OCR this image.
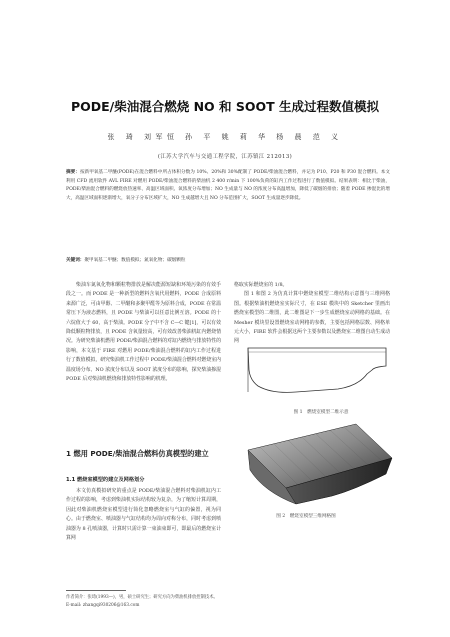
PODE/柴油混合燃烧 NO 和 SOOT 生成过程数值模拟
张 琦 刘军恒 孙 平 姚 莉 华 杨 晨 范 义
(江苏大学汽车与交通工程学院，江苏镇江 212013)
摘要：按新甲氧基二甲醚(PODE)在混合燃料中所占体积分数为 10%、20%和 30%配制了 PODE/柴油混合燃料，并记为 P10、P20 和 P30 混合燃料。本文利用 CFD 流用软件 AVL FIRE 对燃用 PODE/柴油混合燃料的柴油机 2 400 r/min 下 100%负荷的缸内工作过程进行了数值模拟。结果表明：相比于柴油，PODE/柴油混合燃料的燃烧放热速率、高温区域面积、氧浓度分布增加；NO 生成量与 NO 的浓度分布高温增加，降低了碳烟的排放；随着 PODE 掺混比的增大，高温区域面积逐渐增大，氧分子分布区域扩大，NO 生成越增大且 NO 分布范围扩大，SOOT 生成量逐步降低。
关键词：聚甲氧基二甲醚；数值模拟；氮氧化物；碳烟颗粒

柴油车氮氧化物和颗粒物排放是解决能源短缺和环境污染的有效手段之一。而 PODE 是一种新型的燃料含氧代用燃料，PODE 合成原料来源广泛，可由甲醇、二甲醚和多聚甲醛等为原料合成，PODE 在常温常压下为液态燃料，且 PODE 与柴油可以任意比例互溶。PODE 的十六烷值大于 60，高于柴油。PODE 分子中不含 C—C 键[1]，可以有效降低颗粒物排放，且 PODE 含氧量较高，可有效改善柴油机缸内燃烧情况。为研究柴油机燃用 PODE/柴油混合燃料的对缸内燃烧与排放特性的影响，本文基于 FIRE 对燃用 PODE/柴油混合燃料的缸内工作过程进行了数值模拟，研究柴油机工作过程中 PODE/柴油混合燃料对燃烧室内温度场分布、NO 浓度分布以及 SOOT 浓度分布的影响，探究柴油掺混 PODE 后对柴油机燃烧和排放特性影响的机理。

1 燃用 PODE/柴油混合燃料仿真模型的建立
1.1 燃烧室模型的建立及网格划分

本文仿真模拟研究的重点是 PODE/柴油混合燃料对柴油机缸内工作过程的影响，考虑到柴油机实际结构较为复杂，为了缩短计算周期，因此对柴油机燃烧室模型进行简化忽略燃烧室与气缸的偏置，视为同心。由于燃烧室、喷油器与气缸结构均为周向对称分布，同时考虑到喷油器为 8 孔喷油器，计算时只需计算一束油束即可，即最后的燃烧室计算网

格取实际燃烧室的 1/8。

图 1 和图 2 为仿真计算中燃烧室模型二维结构示意图与三维网格图。根据柴油机燃烧室实际尺寸，在 ESE 模块中的 Sketcher 里画出燃烧室模型的二维图，此二维图是下一步生成燃烧室动网格的基础。在 Mesher 模块里设置燃烧室动网格的参数，主要包括网格层数、网格单元大小，FIRE 软件会根据这两个主要参数以及燃烧室二维图自动生成动网

图 1　燃烧室模型二维示意
图 2　燃烧室模型三维网格图
作者简介：张琦(1993—)，男，硕士研究生；研究方向为柴油机排放控制技术。
E-mail: zhangqi930206@163.com
